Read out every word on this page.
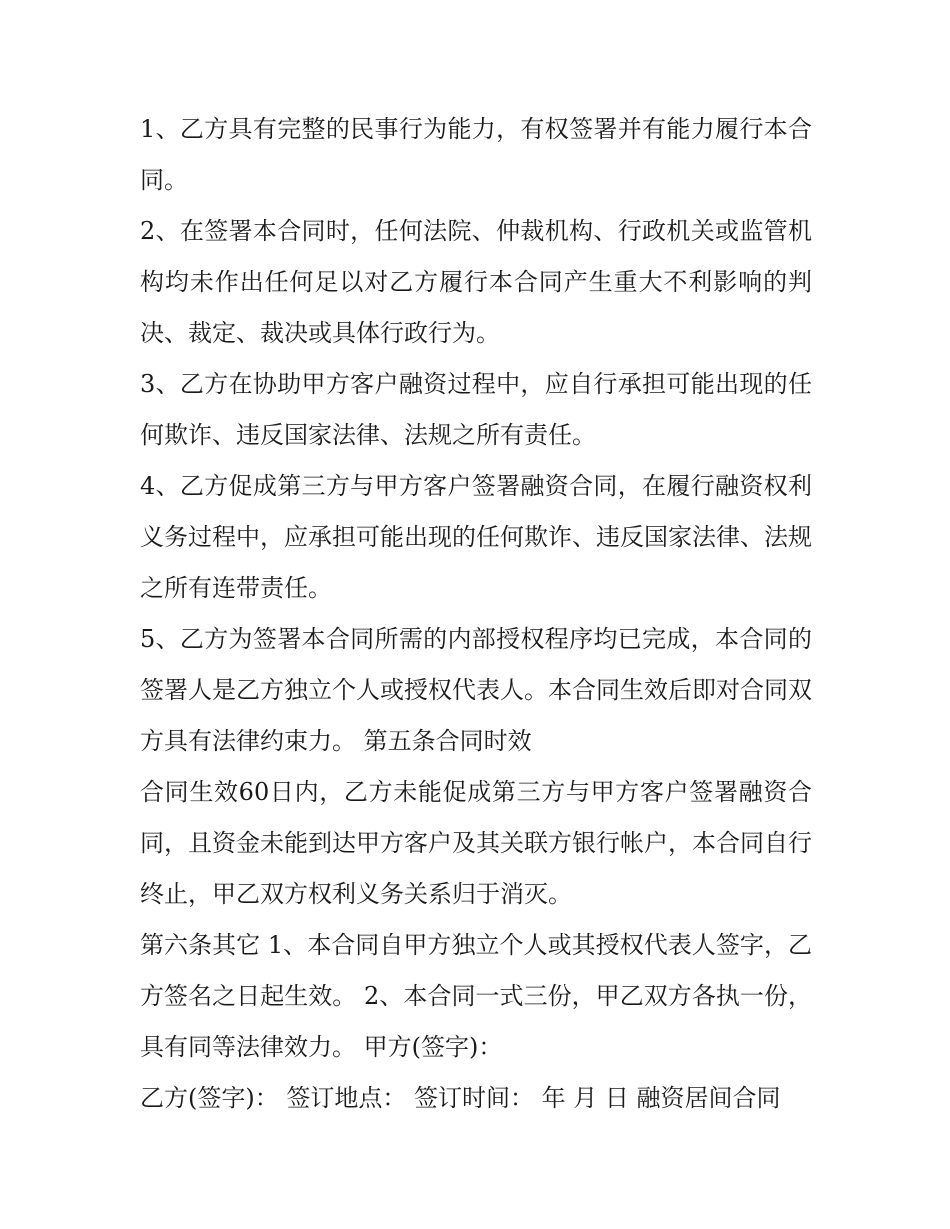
1、乙方具有完整的民事行为能力，有权签署并有能力履行本合同。

2、在签署本合同时，任何法院、仲裁机构、行政机关或监管机构均未作出任何足以对乙方履行本合同产生重大不利影响的判决、裁定、裁决或具体行政行为。

3、乙方在协助甲方客户融资过程中，应自行承担可能出现的任何欺诈、违反国家法律、法规之所有责任。

4、乙方促成第三方与甲方客户签署融资合同，在履行融资权利义务过程中，应承担可能出现的任何欺诈、违反国家法律、法规之所有连带责任。

5、乙方为签署本合同所需的内部授权程序均已完成，本合同的签署人是乙方独立个人或授权代表人。本合同生效后即对合同双方具有法律约束力。 第五条合同时效

合同生效60日内，乙方未能促成第三方与甲方客户签署融资合同，且资金未能到达甲方客户及其关联方银行帐户，本合同自行终止，甲乙双方权利义务关系归于消灭。

第六条其它 1、本合同自甲方独立个人或其授权代表人签字，乙方签名之日起生效。 2、本合同一式三份，甲乙双方各执一份，具有同等法律效力。 甲方(签字)：

乙方(签字)： 签订地点： 签订时间： 年 月 日 融资居间合同
